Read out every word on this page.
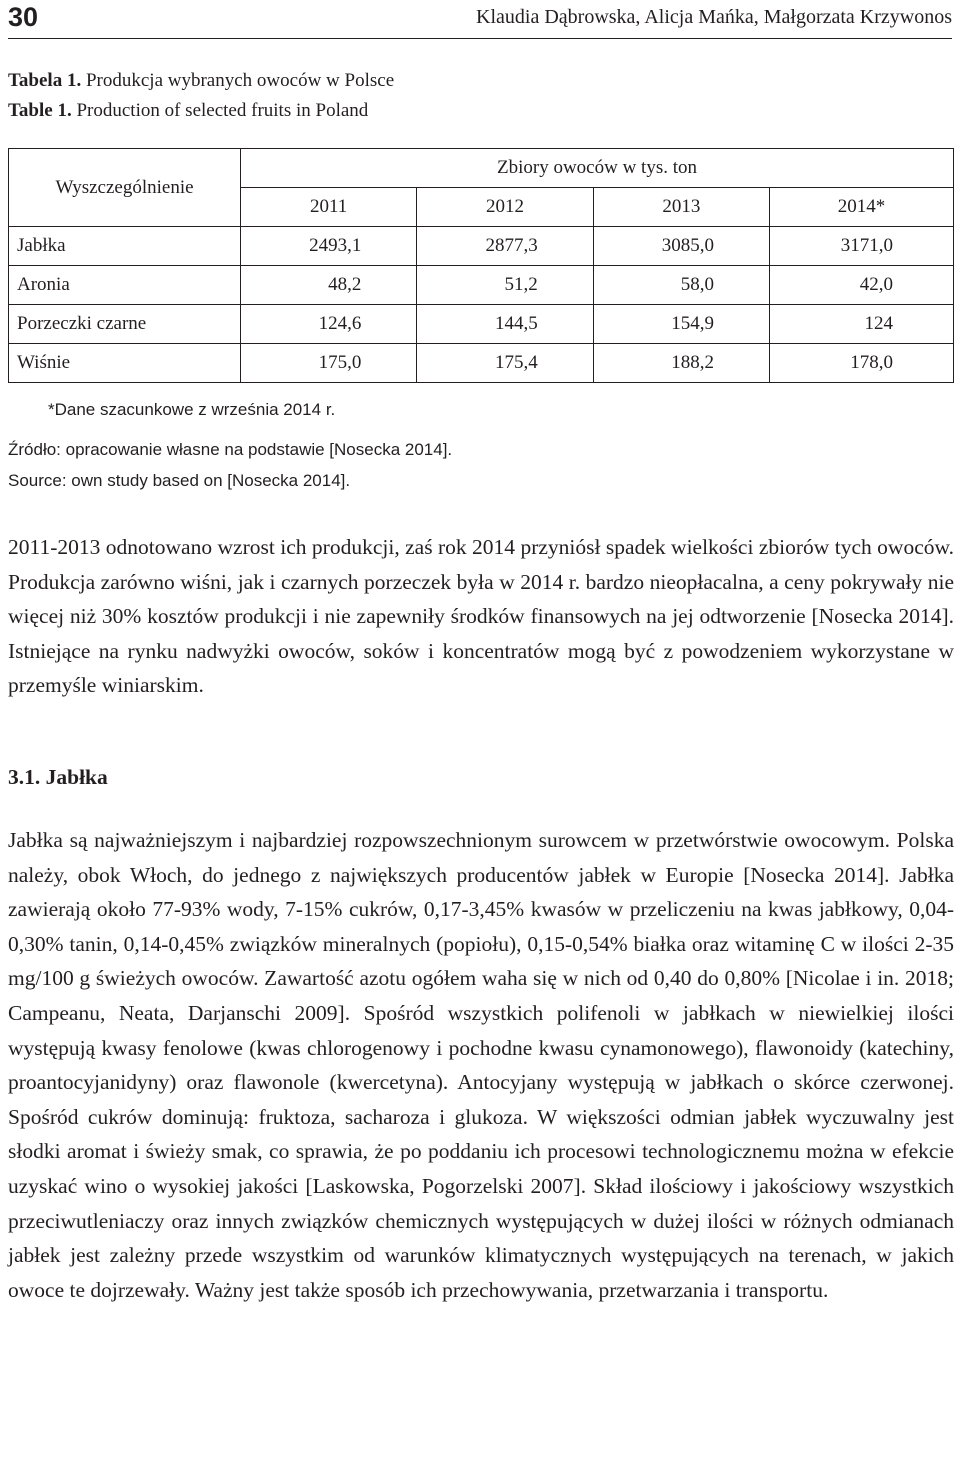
30	Klaudia Dąbrowska, Alicja Mańka, Małgorzata Krzywonos
Tabela 1. Produkcja wybranych owoców w Polsce
Table 1. Production of selected fruits in Poland
Wyszczególnienie	Zbiory owoców w tys. ton			
	2011	2012	2013	2014*
Jabłka	2493,1	2877,3	3085,0	3171,0
Aronia	48,2	51,2	58,0	42,0
Porzeczki czarne	124,6	144,5	154,9	124
Wiśnie	175,0	175,4	188,2	178,0
*Dane szacunkowe z września 2014 r.
Źródło: opracowanie własne na podstawie [Nosecka 2014].
Source: own study based on [Nosecka 2014].

2011-2013 odnotowano wzrost ich produkcji, zaś rok 2014 przyniósł spadek wielkości zbiorów tych owoców. Produkcja zarówno wiśni, jak i czarnych porzeczek była w 2014 r. bardzo nieopłacalna, a ceny pokrywały nie więcej niż 30% kosztów produkcji i nie zapewniły środków finansowych na jej odtworzenie [Nosecka 2014]. Istniejące na rynku nadwyżki owoców, soków i koncentratów mogą być z powodzeniem wykorzystane w przemyśle winiarskim.

3.1. Jabłka

Jabłka są najważniejszym i najbardziej rozpowszechnionym surowcem w przetwórstwie owocowym. Polska należy, obok Włoch, do jednego z największych producentów jabłek w Europie [Nosecka 2014]. Jabłka zawierają około 77-93% wody, 7-15% cukrów, 0,17-3,45% kwasów w przeliczeniu na kwas jabłkowy, 0,04-0,30% tanin, 0,14-0,45% związków mineralnych (popiołu), 0,15-0,54% białka oraz witaminę C w ilości 2-35 mg/100 g świeżych owoców. Zawartość azotu ogółem waha się w nich od 0,40 do 0,80% [Nicolae i in. 2018; Campeanu, Neata, Darjanschi 2009]. Spośród wszystkich polifenoli w jabłkach w niewielkiej ilości występują kwasy fenolowe (kwas chlorogenowy i pochodne kwasu cynamonowego), flawonoidy (katechiny, proantocyjanidyny) oraz flawonole (kwercetyna). Antocyjany występują w jabłkach o skórce czerwonej. Spośród cukrów dominują: fruktoza, sacharoza i glukoza. W większości odmian jabłek wyczuwalny jest słodki aromat i świeży smak, co sprawia, że po poddaniu ich procesowi technologicznemu można w efekcie uzyskać wino o wysokiej jakości [Laskowska, Pogorzelski 2007]. Skład ilościowy i jakościowy wszystkich przeciwutleniaczy oraz innych związków chemicznych występujących w dużej ilości w różnych odmianach jabłek jest zależny przede wszystkim od warunków klimatycznych występujących na terenach, w jakich owoce te dojrzewały. Ważny jest także sposób ich przechowywania, przetwarzania i transportu.
